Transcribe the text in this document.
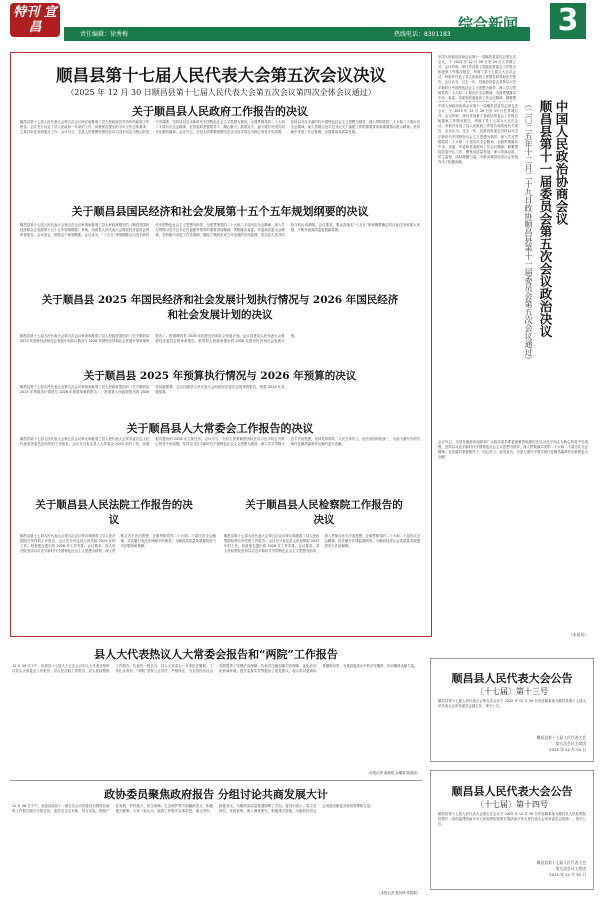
特刊 宣昌	责任编辑：徐秀梅	热线电话：8301183
综合新闻 3
顺昌县第十七届人民代表大会第五次会议决议
（2025 年 12 月 30 日顺昌县第十七届人民代表大会第五次会议第四次全体会议通过）
关于顺昌县人民政府工作报告的决议
顺昌县第十七届人民代表大会第五次会议审议和批准了县人民政府县长所作的政府工作报告。会议充分肯定了县人民政府一年来的工作，同意报告提出的今年工作总体要求、主要目标任务和重点工作。会议号召，全县人民要紧密团结在以习近平同志为核心的党中央周围，坚持以习近平新时代中国特色社会主义思想为指导，全面贯彻党的二十大和二十届历次全会精神，在县委的坚强领导下，凝心聚力、真抓实干，奋力谱写中国式现代化顺昌篇章。会议号召，全县人民要紧密团结在以习近平同志为核心的党中央周围，坚持以习近平新时代中国特色社会主义思想为指导，深入贯彻党的二十大和二十届历次全会精神，深入贯彻习近平总书记关于福建工作的重要讲话和重要指示批示精神，坚持稳中求进工作总基调，全面推动高质量发展。
关于顺昌县国民经济和社会发展第十五个五年规划纲要的决议
顺昌县第十七届人民代表大会第五次会议审查和批准了县人民政府提出的《顺昌县国民经济和社会发展第十五个五年规划纲要》草案，同意县人民代表大会财政经济委员会的审查报告。会议决定，批准这个规划纲要。会议认为，“十五五”规划纲要以习近平新时代中国特色社会主义思想为指导，全面贯彻党的二十大和二十届历次全会精神，深入学习贯彻习近平总书记在福建考察时的重要讲话精神，贯彻落实省委、市委和县委全会精神，坚持稳中求进工作总基调，描绘了顺昌未来五年发展的宏伟蓝图，是全县人民共同奋斗的行动纲领。会议要求，要认真落实“十五五”规划纲要确定的目标任务和重大举措，不断开创高质量发展新局面。
关于顺昌县 2025 年国民经济和社会发展计划执行情况与 2026 年国民经济和社会发展计划的决议
顺昌县第十七届人民代表大会第五次会议审查和批准了县人民政府提出的《关于顺昌县 2025 年国民经济和社会发展计划执行情况与 2026 年国民经济和社会发展计划草案的报告》，批准顺昌县 2026 年国民经济和社会发展计划。会议同意县人民代表大会财政经济委员会的审查报告，批准县人民政府提出的 2026 年国民经济和社会发展计划。
关于顺昌县 2025 年预算执行情况与 2026 年预算的决议
顺昌县第十七届人民代表大会第五次会议审查和批准了县人民政府提出的《关于顺昌县 2025 年预算执行情况与 2026 年预算草案的报告》，批准县人民政府提出的 2026 年县级预算。会议同意县人民代表大会财政经济委员会的审查报告，批准 2026 年县级预算。
关于顺昌县人大常委会工作报告的决议
顺昌县第十七届人民代表大会第五次会议审议和批准了县人民代表大会常务委员会主任代表常务委员会所作的工作报告。会议充分肯定县人大常委会 2025 年的工作，同意报告提出的 2026 年主要任务。会议号召，全县人民要紧密团结在以习近平同志为核心的党中央周围，坚持以习近平新时代中国特色社会主义思想为指导，深入学习贯彻习近平法治思想，坚持党的领导、人民当家作主、依法治国有机统一，为奋力谱写中国式现代化顺昌篇章作出新的更大贡献。
关于顺昌县人民法院工作报告的决议
关于顺昌县人民检察院工作报告的决议
顺昌县第十七届人民代表大会第五次会议审议和批准了县人民法院院长所作的工作报告。会议充分肯定县人民法院 2025 年的工作，同意报告提出的 2026 年工作安排。会议要求，县人民法院坚持以习近平新时代中国特色社会主义思想为指导，深入贯彻习近平法治思想，全面贯彻党的二十大和二十届历次全会精神，忠实履行宪法法律赋予的职责，为顺昌高质量发展提供有力司法服务和保障。
顺昌县第十七届人民代表大会第五次会议审议和批准了县人民检察院检察长所作的工作报告。会议充分肯定县人民检察院 2025 年的工作，同意报告提出的 2026 年工作安排。会议要求，县人民检察院坚持以习近平新时代中国特色社会主义思想为指导，深入贯彻习近平法治思想，全面贯彻党的二十大和二十届历次全会精神，依法履行法律监督职责，为顺昌经济社会高质量发展提供有力法治保障。
中国人民政治协商会议第十一届顺昌县委员会第五次会议，于 2025 年 12 月 26 日至 29 日在县城召开。会议听取、审议并同意了县政协常委会工作报告和提案工作情况报告，列席了县十七届人大五次会议，听取并讨论了县人民政府工作报告和其他有关报告。会议认为，过去一年，县政协常委会坚持以习近平新时代中国特色社会主义思想为指导，深入学习贯彻党的二十大和二十届历次全会精神，全面贯彻落实中央、省委、市委和县委政协工作会议精神，紧紧围
中国人民政治协商会议
顺昌县第十一届委员会第五次会议政治决议
（二〇二五年十二月二十九日政协顺昌县第十一届委员会第五次会议通过）
中国人民政治协商会议第十一届顺昌县委员会第五次会议，于 2025 年 12 月 26 日至 29 日在县城召开。会议听取、审议并同意了县政协常委会工作报告和提案工作情况报告，列席了县十七届人大五次会议，听取并讨论了县人民政府工作报告和其他有关报告。会议认为，过去一年，县政协常委会坚持以习近平新时代中国特色社会主义思想为指导，深入学习贯彻党的二十大和二十届历次全会精神，全面贯彻落实中央、省委、市委和县委政协工作会议精神，紧紧围绕县委中心工作，聚焦高质量发展，深入协商议政、民主监督，团结凝聚力量，为推动顺昌经济社会发展作出了积极贡献。
会议号召，全县各级政协组织和广大政协委员要更加紧密地团结在以习近平同志为核心的党中央周围，坚持以习近平新时代中国特色社会主义思想为指导，深入贯彻落实党的二十大和二十届历次全会精神，在县委的坚强领导下，同心协力、奋发有为，为奋力谱写中国式现代化顺昌篇章作出新的更大贡献！
（本报讯）
县人大代表热议人大常委会报告和“两院”工作报告
12 月 29 日下午，出席县十七届人大五次会议的人大代表分组审议县人大常委会工作报告、县人民法院工作报告、县人民检察院工作报告。代表们一致认为，县人大常委会一年来依法履职，工作扎实有效；“两院”坚持公正司法、严格执法，为全县经济社会发展提供了坚强法治保障。代表们还就加强司法保障、优化法治化营商环境、提升监督实效等提出了意见建议，表示将以更高标准履职尽责，为建设更高水平的平安顺昌、法治顺昌贡献力量。
（本报记者 姜晓悦 余曦夏 陈毅瑶）
政协委员聚焦政府报告 分组讨论共商发展大计
12 月 28 日下午，参加县政协十一届五次会议的委员们围绕县政府工作报告展开分组讨论。委员们立足本职、结合实际，围绕产业发展、乡村振兴、民生保障、生态保护等方面踊跃发言，积极建言献策。大家一致认为，政府工作报告实事求是、重点突出、措施务实，为顺昌高质量发展指明了方向。委员们表示，将立足岗位、发挥优势，深入调查研究，积极建言资政，为顺昌经济社会发展贡献更多政协智慧和力量。
（本报记者 曾祈坡 张阳妮）
顺昌县人民代表大会公告
〔十七届〕第十三号
顺昌县第十七届人民代表大会第五次会议于 2025 年 12 月 30 日补选陈某某为顺昌县第十七届人民代表大会常务委员会副主任。现予公告。
顺昌县第十七届人民代表大会
第五次会议主席团
2025 年 12 月 30 日
顺昌县人民代表大会公告
〔十七届〕第十四号
顺昌县第十七届人民代表大会第五次会议于 2025 年 12 月 30 日补选陈某某为顺昌县人民检察院检察长（须经福建省南平市人民检察院检察长提请南平市人民代表大会常务委员会批准）。现予公告。
顺昌县第十七届人民代表大会
第五次会议主席团
2025 年 12 月 30 日
